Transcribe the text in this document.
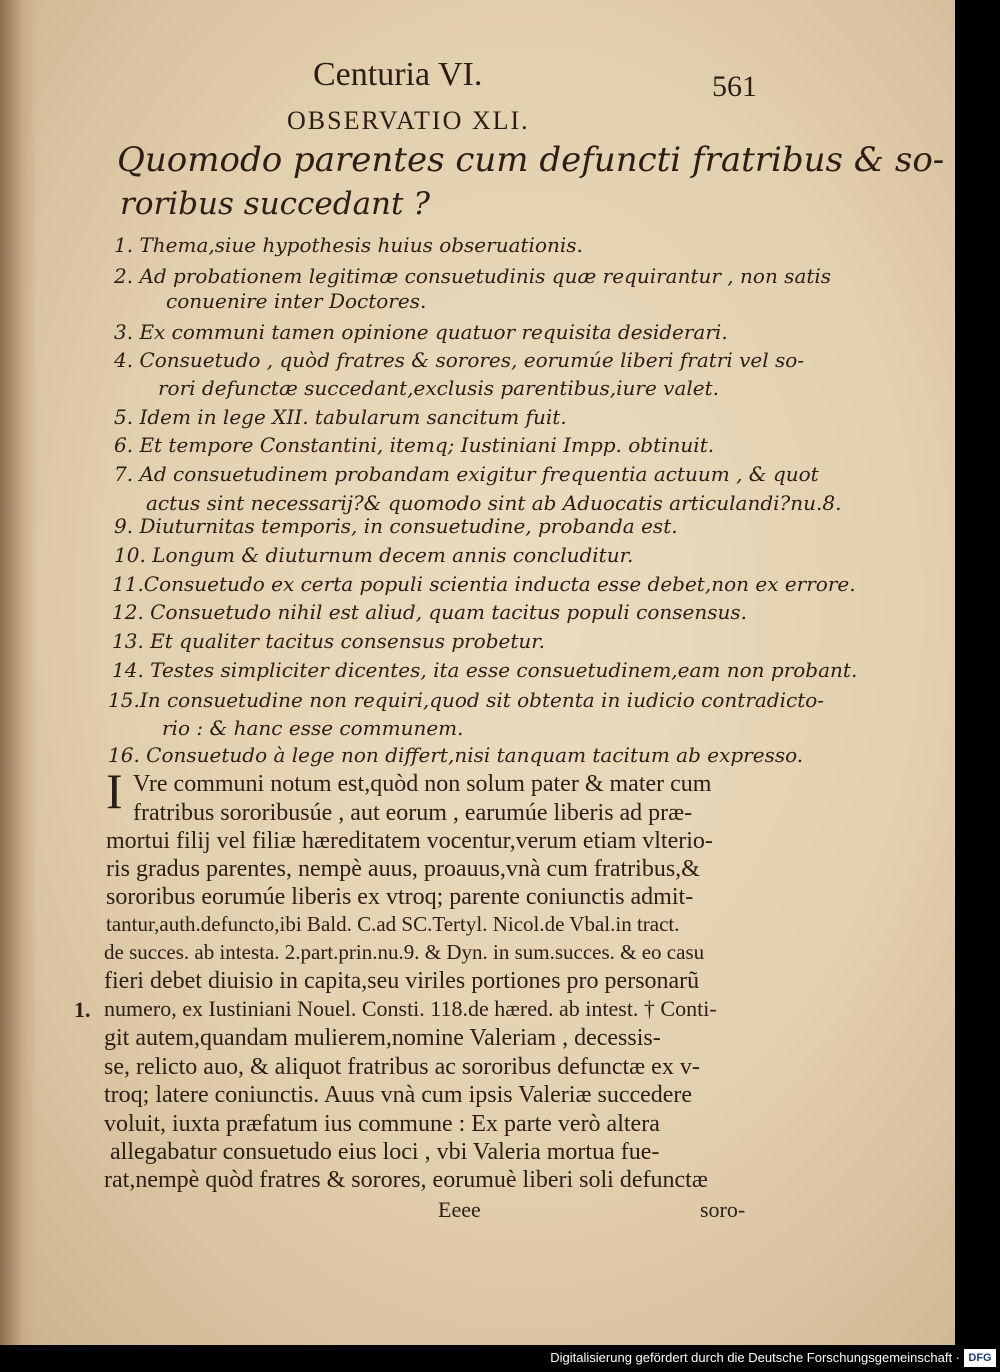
Centuria VI.	561
OBSERVATIO XLI.
Quomodo parentes cum defuncti fratribus & so-
roribus succedant ?
1. Thema,siue hypothesis huius obseruationis.
2. Ad probationem legitimæ consuetudinis quæ requirantur , non satis
conuenire inter Doctores.
3. Ex communi tamen opinione quatuor requisita desiderari.
4. Consuetudo , quòd fratres & sorores, eorumúe liberi fratri vel so-
rori defunctæ succedant,exclusis parentibus,iure valet.
5. Idem in lege XII. tabularum sancitum fuit.
6. Et tempore Constantini, itemq; Iustiniani Impp. obtinuit.
7. Ad consuetudinem probandam exigitur frequentia actuum , & quot
actus sint necessarij?& quomodo sint ab Aduocatis articulandi?nu.8.
9. Diuturnitas temporis, in consuetudine, probanda est.
10. Longum & diuturnum decem annis concluditur.
11.Consuetudo ex certa populi scientia inducta esse debet,non ex errore.
12. Consuetudo nihil est aliud, quam tacitus populi consensus.
13. Et qualiter tacitus consensus probetur.
14. Testes simpliciter dicentes, ita esse consuetudinem,eam non probant.
15.In consuetudine non requiri,quod sit obtenta in iudicio contradicto-
rio : & hanc esse communem.
16. Consuetudo à lege non differt,nisi tanquam tacitum ab expresso.
I Vre communi notum est,quòd non solum pater & mater cum
fratribus sororibusúe , aut eorum , earumúe liberis ad præ-
mortui filij vel filiæ hæreditatem vocentur,verum etiam vlterio-
ris gradus parentes, nempè auus, proauus,vnà cum fratribus,&
sororibus eorumúe liberis ex vtroq; parente coniunctis admit-
tantur,auth.defuncto,ibi Bald. C.ad SC.Tertyl. Nicol.de Vbal.in tract.
de succes. ab intesta. 2.part.prin.nu.9. & Dyn. in sum.succes. & eo casu
fieri debet diuisio in capita,seu viriles portiones pro personarũ
1. numero, ex Iustiniani Nouel. Consti. 118.de hæred. ab intest. † Conti-
git autem,quandam mulierem,nomine Valeriam , decessis-
se, relicto auo, & aliquot fratribus ac sororibus defunctæ ex v-
troq; latere coniunctis. Auus vnà cum ipsis Valeriæ succedere
voluit, iuxta præfatum ius commune : Ex parte verò altera
allegabatur consuetudo eius loci , vbi Valeria mortua fue-
rat,nempè quòd fratres & sorores, eorumuè liberi soli defunctæ
Eeee	soro-
Digitalisierung gefördert durch die Deutsche Forschungsgemeinschaft · DFG
